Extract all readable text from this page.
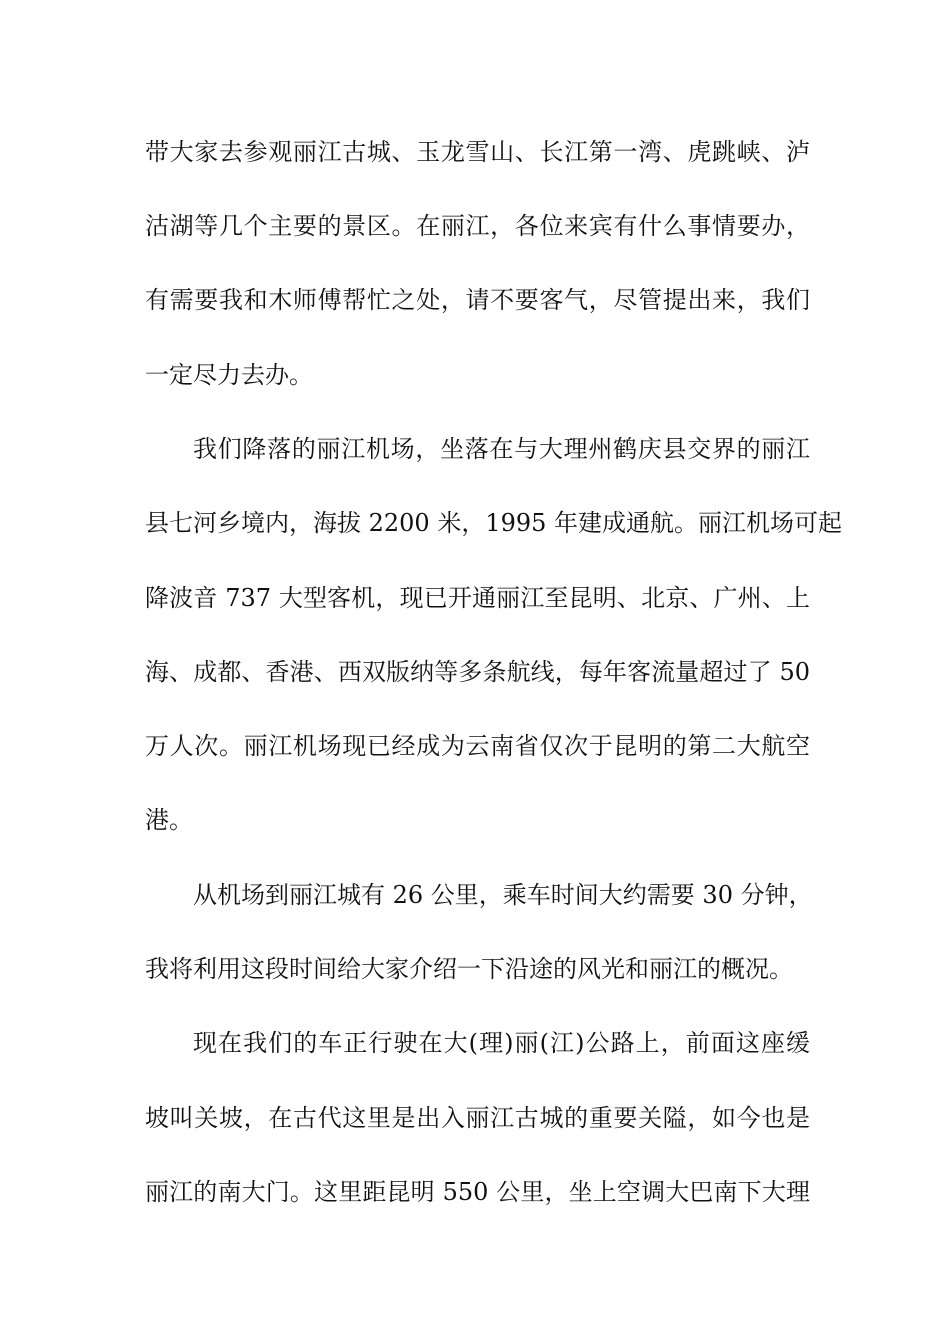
带大家去参观丽江古城、玉龙雪山、长江第一湾、虎跳峡、泸
沽湖等几个主要的景区。在丽江，各位来宾有什么事情要办，
有需要我和木师傅帮忙之处，请不要客气，尽管提出来，我们
一定尽力去办。
我们降落的丽江机场，坐落在与大理州鹤庆县交界的丽江
县七河乡境内，海拔 2200 米，1995 年建成通航。丽江机场可起
降波音 737 大型客机，现已开通丽江至昆明、北京、广州、上
海、成都、香港、西双版纳等多条航线，每年客流量超过了 50
万人次。丽江机场现已经成为云南省仅次于昆明的第二大航空
港。
从机场到丽江城有 26 公里，乘车时间大约需要 30 分钟，
我将利用这段时间给大家介绍一下沿途的风光和丽江的概况。
现在我们的车正行驶在大(理)丽(江)公路上，前面这座缓
坡叫关坡，在古代这里是出入丽江古城的重要关隘，如今也是
丽江的南大门。这里距昆明 550 公里，坐上空调大巴南下大理
